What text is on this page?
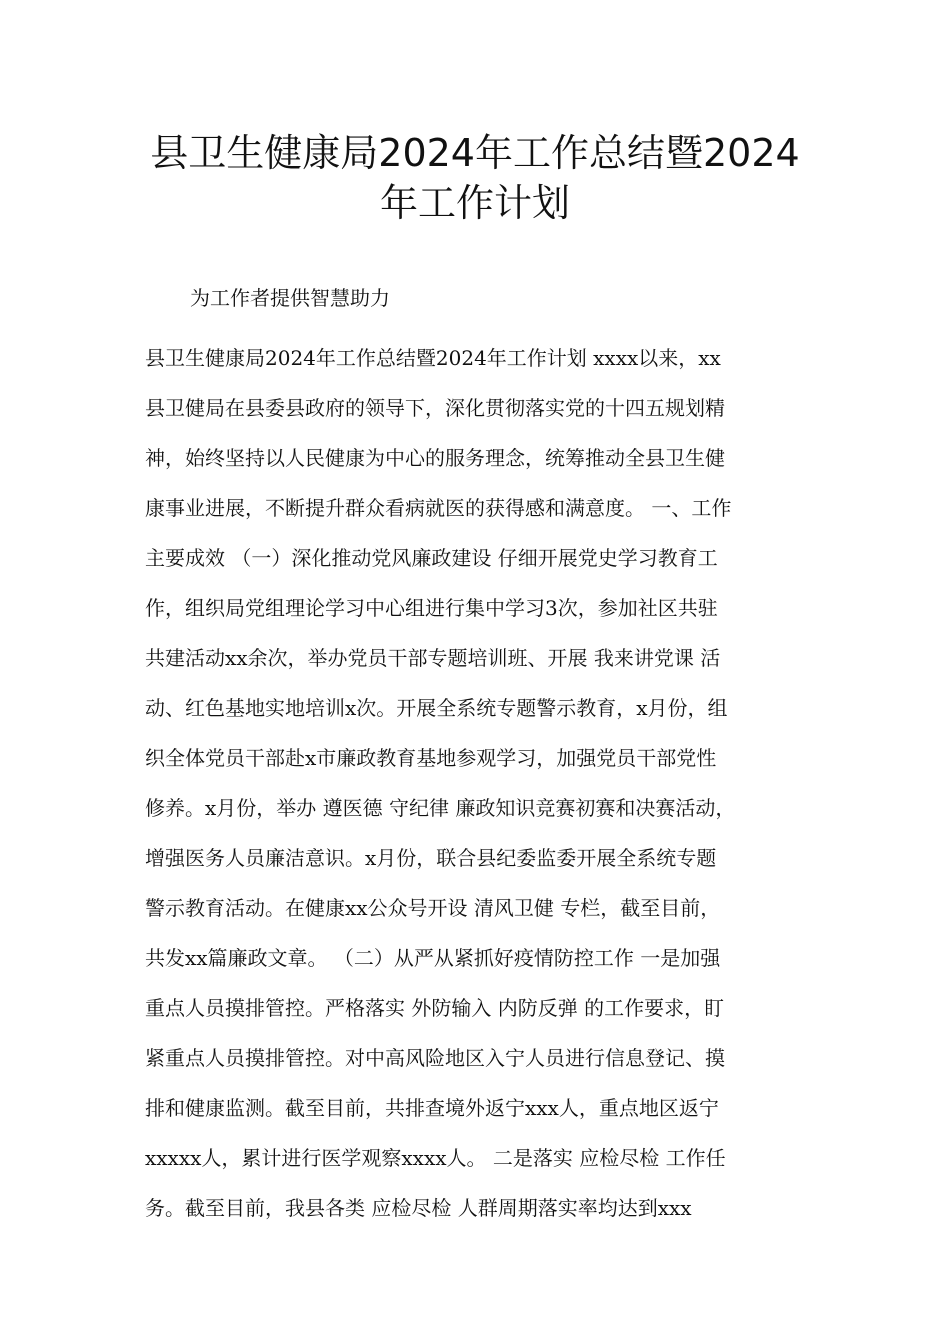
县卫生健康局2024年工作总结暨2024
年工作计划
为工作者提供智慧助力
县卫生健康局2024年工作总结暨2024年工作计划 xxxx以来，xx
县卫健局在县委县政府的领导下，深化贯彻落实党的十四五规划精
神，始终坚持以人民健康为中心的服务理念，统筹推动全县卫生健
康事业进展，不断提升群众看病就医的获得感和满意度。 一、工作
主要成效 （一）深化推动党风廉政建设 仔细开展党史学习教育工
作，组织局党组理论学习中心组进行集中学习3次，参加社区共驻
共建活动xx余次，举办党员干部专题培训班、开展 我来讲党课 活
动、红色基地实地培训x次。开展全系统专题警示教育，x月份，组
织全体党员干部赴x市廉政教育基地参观学习，加强党员干部党性
修养。x月份，举办 遵医德 守纪律 廉政知识竞赛初赛和决赛活动，
增强医务人员廉洁意识。x月份，联合县纪委监委开展全系统专题
警示教育活动。在健康xx公众号开设 清风卫健 专栏，截至目前，
共发xx篇廉政文章。 （二）从严从紧抓好疫情防控工作 一是加强
重点人员摸排管控。严格落实 外防输入 内防反弹 的工作要求，盯
紧重点人员摸排管控。对中高风险地区入宁人员进行信息登记、摸
排和健康监测。截至目前，共排查境外返宁xxx人，重点地区返宁
xxxxx人，累计进行医学观察xxxx人。 二是落实 应检尽检 工作任
务。截至目前，我县各类 应检尽检 人群周期落实率均达到xxx
